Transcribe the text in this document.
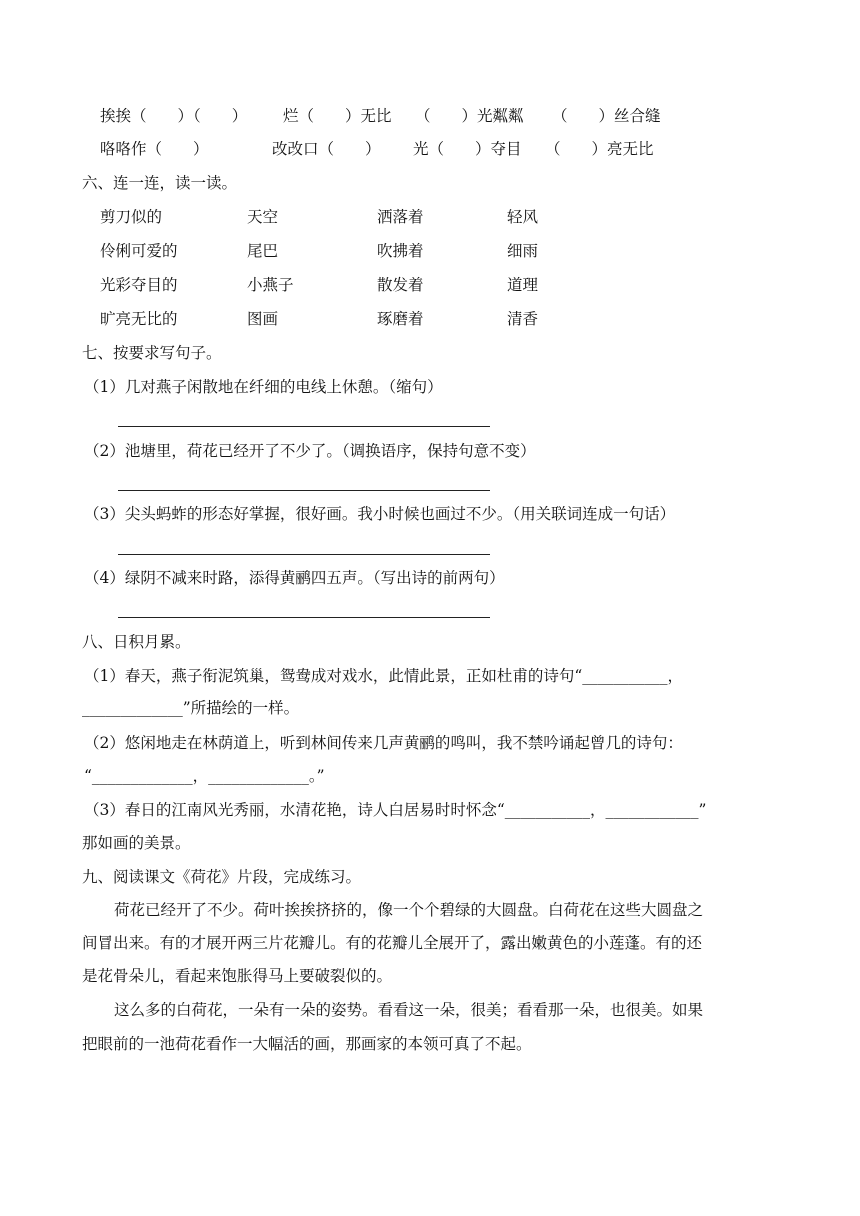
挨挨（　　）（　　） 烂（　　）无比 （　　）光粼粼 （　　）丝合缝
咯咯作（　　）	改改口（　　） 光（　　）夺目 （　　）亮无比
六、连一连，读一读。
剪刀似的	天空	洒落着	轻风
伶俐可爱的	尾巴	吹拂着	细雨
光彩夺目的	小燕子	散发着	道理
旷亮无比的	图画	琢磨着	清香
七、按要求写句子。
（1）几对燕子闲散地在纤细的电线上休憩。（缩句）
（2）池塘里，荷花已经开了不少了。（调换语序，保持句意不变）
（3）尖头蚂蚱的形态好掌握，很好画。我小时候也画过不少。（用关联词连成一句话）
（4）绿阴不减来时路，添得黄鹂四五声。（写出诗的前两句）
八、日积月累。
（1）春天，燕子衔泥筑巢，鸳鸯成对戏水，此情此景，正如杜甫的诗句“___________，
_____________”所描绘的一样。
（2）悠闲地走在林荫道上，听到林间传来几声黄鹂的鸣叫，我不禁吟诵起曾几的诗句：
“_____________，_____________。”
（3）春日的江南风光秀丽，水清花艳，诗人白居易时时怀念“___________，____________”
那如画的美景。
九、阅读课文《荷花》片段，完成练习。
荷花已经开了不少。荷叶挨挨挤挤的，像一个个碧绿的大圆盘。白荷花在这些大圆盘之
间冒出来。有的才展开两三片花瓣儿。有的花瓣儿全展开了，露出嫩黄色的小莲蓬。有的还
是花骨朵儿，看起来饱胀得马上要破裂似的。
这么多的白荷花，一朵有一朵的姿势。看看这一朵，很美；看看那一朵，也很美。如果
把眼前的一池荷花看作一大幅活的画，那画家的本领可真了不起。
